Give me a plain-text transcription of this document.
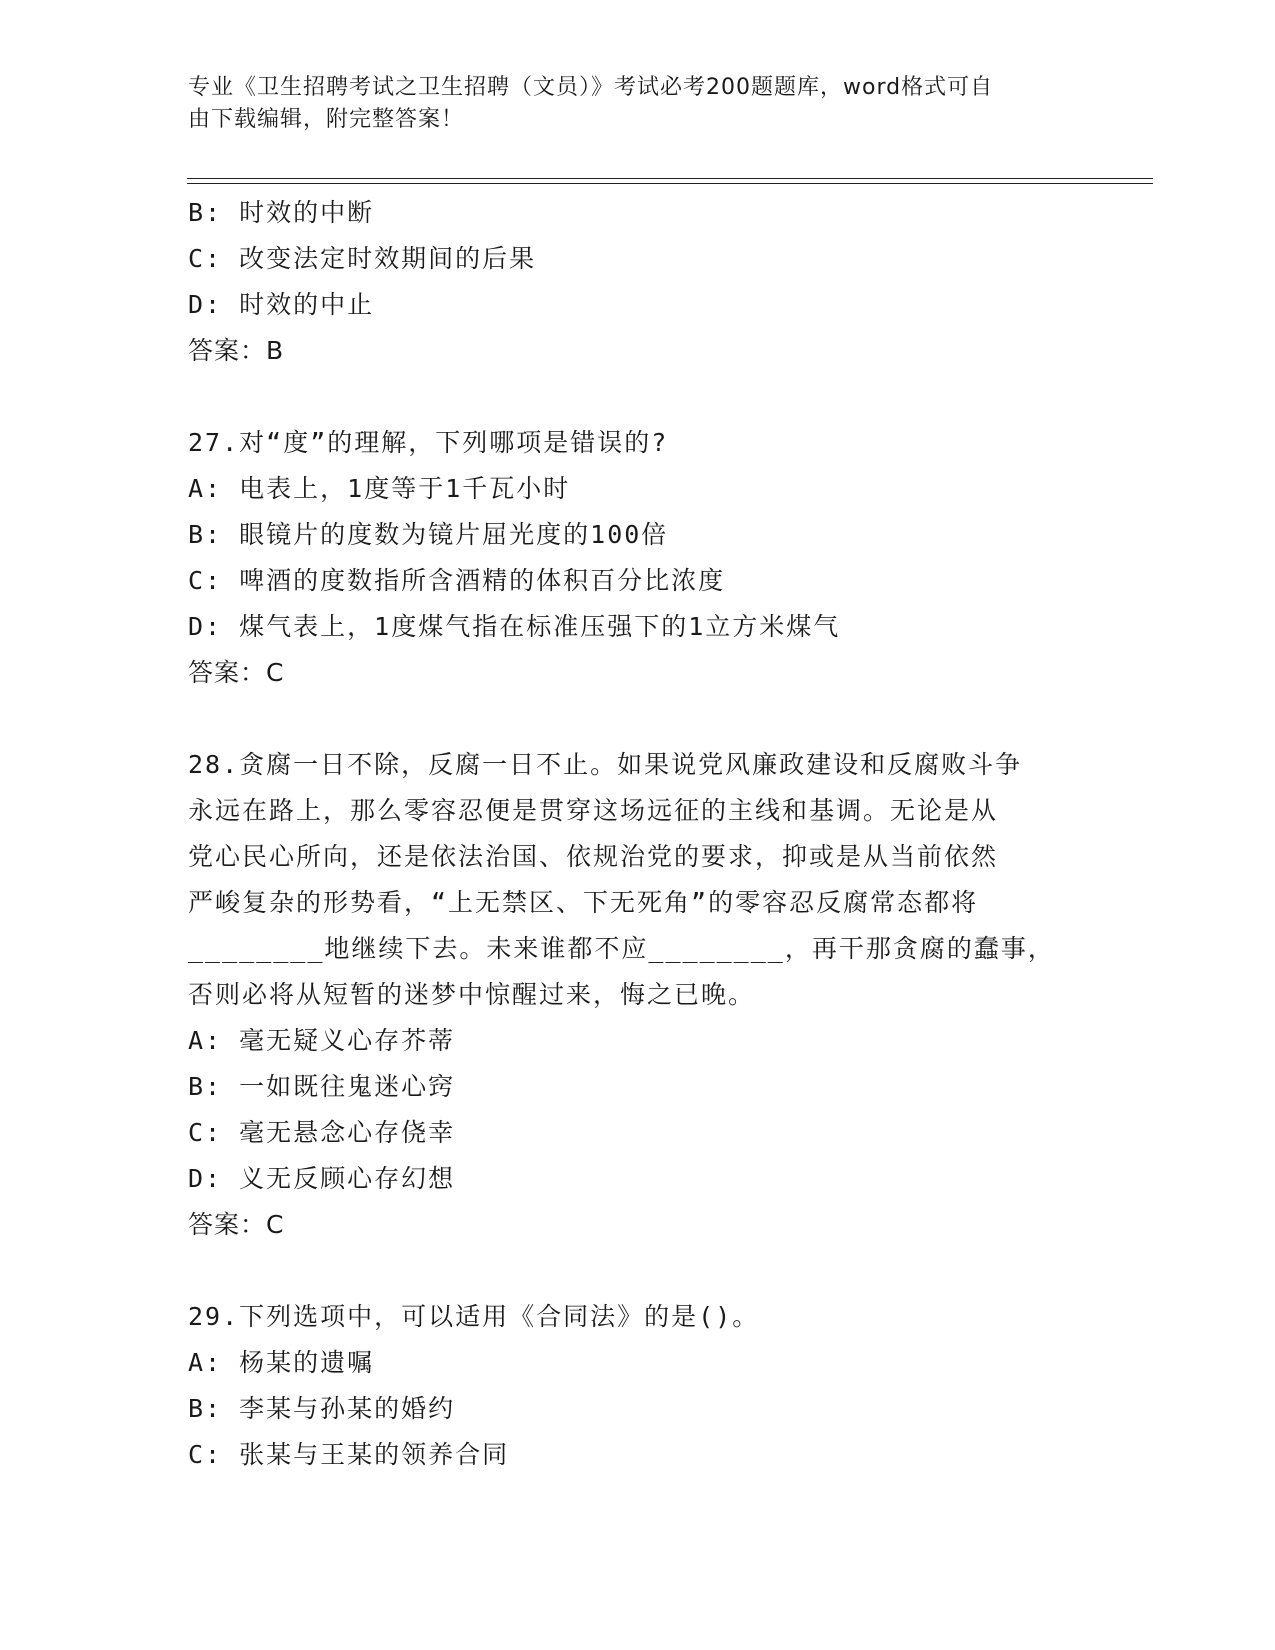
专业《卫生招聘考试之卫生招聘（文员）》考试必考200题题库，word格式可自
由下载编辑，附完整答案！
B: 时效的中断
C: 改变法定时效期间的后果
D: 时效的中止
答案：B
27.对“度”的理解，下列哪项是错误的?
A: 电表上，1度等于1千瓦小时
B: 眼镜片的度数为镜片屈光度的100倍
C: 啤酒的度数指所含酒精的体积百分比浓度
D: 煤气表上，1度煤气指在标准压强下的1立方米煤气
答案：C
28.贪腐一日不除，反腐一日不止。如果说党风廉政建设和反腐败斗争
永远在路上，那么零容忍便是贯穿这场远征的主线和基调。无论是从
党心民心所向，还是依法治国、依规治党的要求，抑或是从当前依然
严峻复杂的形势看，“上无禁区、下无死角”的零容忍反腐常态都将
________地继续下去。未来谁都不应________，再干那贪腐的蠢事，
否则必将从短暂的迷梦中惊醒过来，悔之已晚。
A: 毫无疑义心存芥蒂
B: 一如既往鬼迷心窍
C: 毫无悬念心存侥幸
D: 义无反顾心存幻想
答案：C
29.下列选项中，可以适用《合同法》的是()。
A: 杨某的遗嘱
B: 李某与孙某的婚约
C: 张某与王某的领养合同
